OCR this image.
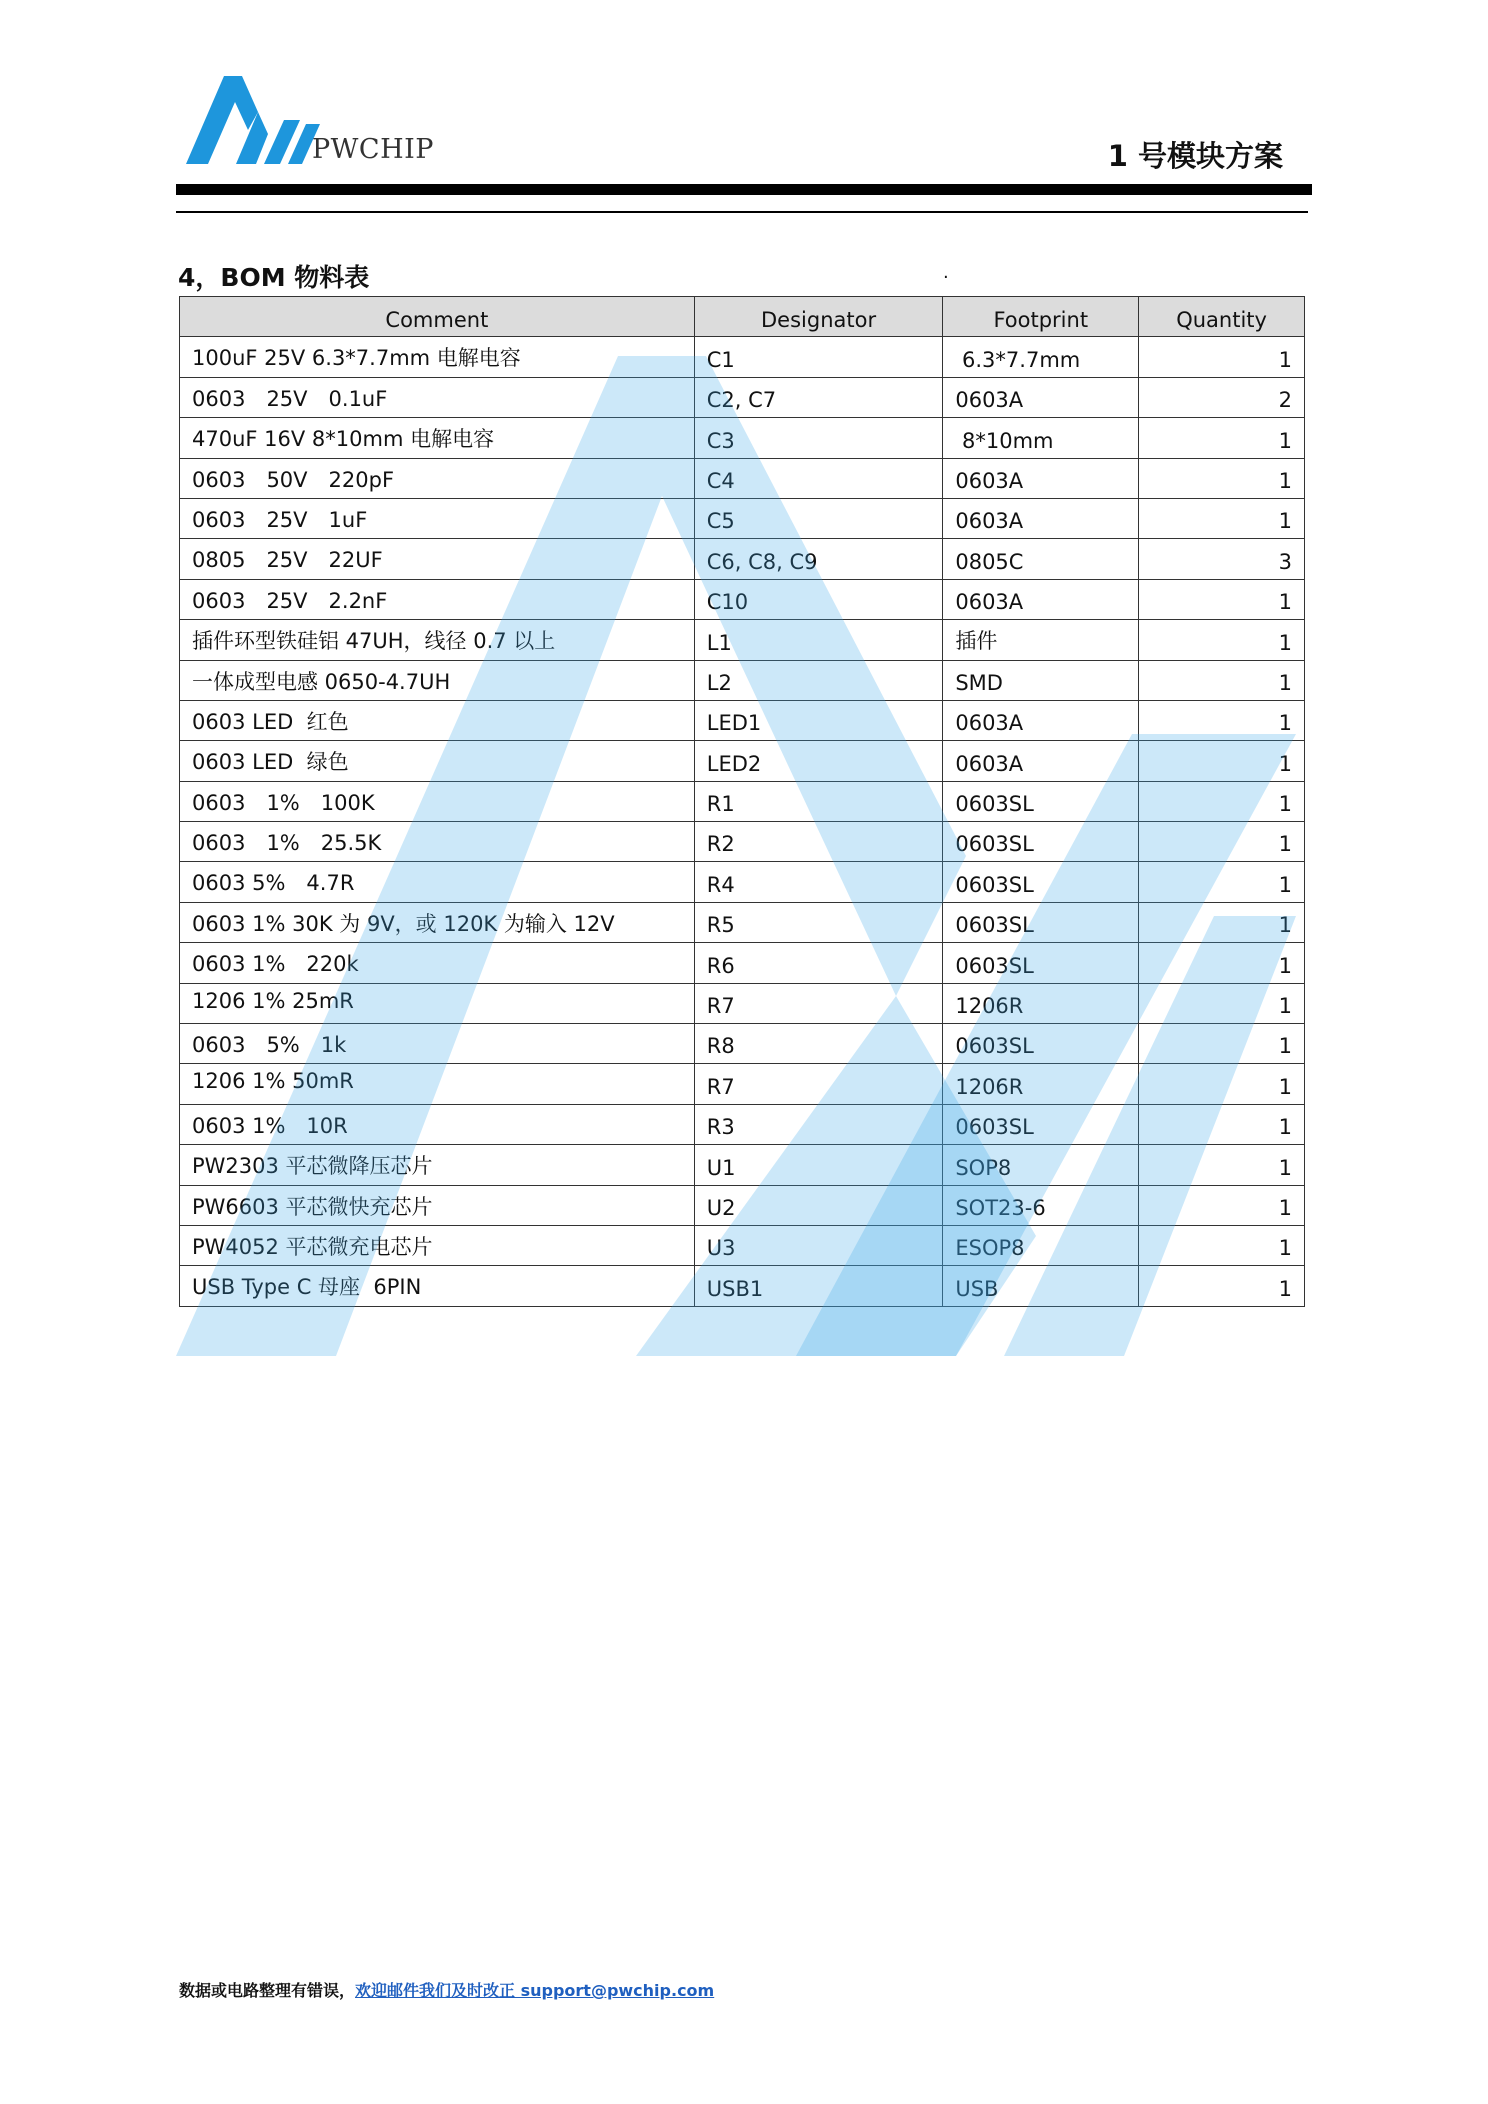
PWCHIP	1 号模块方案
4，BOM 物料表	.
Comment	Designator	Footprint	Quantity
100uF 25V 6.3*7.7mm 电解电容	C1	6.3*7.7mm	1
0603　25V　0.1uF	C2, C7	0603A	2
470uF 16V 8*10mm 电解电容	C3	8*10mm	1
0603　50V　220pF	C4	0603A	1
0603　25V　1uF	C5	0603A	1
0805　25V　22UF	C6, C8, C9	0805C	3
0603　25V　2.2nF	C10	0603A	1
插件环型铁硅铝 47UH，线径 0.7 以上	L1	插件	1
一体成型电感 0650-4.7UH	L2	SMD	1
0603 LED  红色	LED1	0603A	1
0603 LED  绿色	LED2	0603A	1
0603　1%　100K	R1	0603SL	1
0603　1%　25.5K	R2	0603SL	1
0603 5%　4.7R	R4	0603SL	1
0603 1% 30K 为 9V，或 120K 为输入 12V	R5	0603SL	1
0603 1%　220k	R6	0603SL	1
1206 1% 25mR	R7	1206R	1
0603　5%　1k	R8	0603SL	1
1206 1% 50mR	R7	1206R	1
0603 1%　10R	R3	0603SL	1
PW2303 平芯微降压芯片	U1	SOP8	1
PW6603 平芯微快充芯片	U2	SOT23-6	1
PW4052 平芯微充电芯片	U3	ESOP8	1
USB Type C 母座  6PIN	USB1	USB	1
数据或电路整理有错误，欢迎邮件我们及时改正 support@pwchip.com
